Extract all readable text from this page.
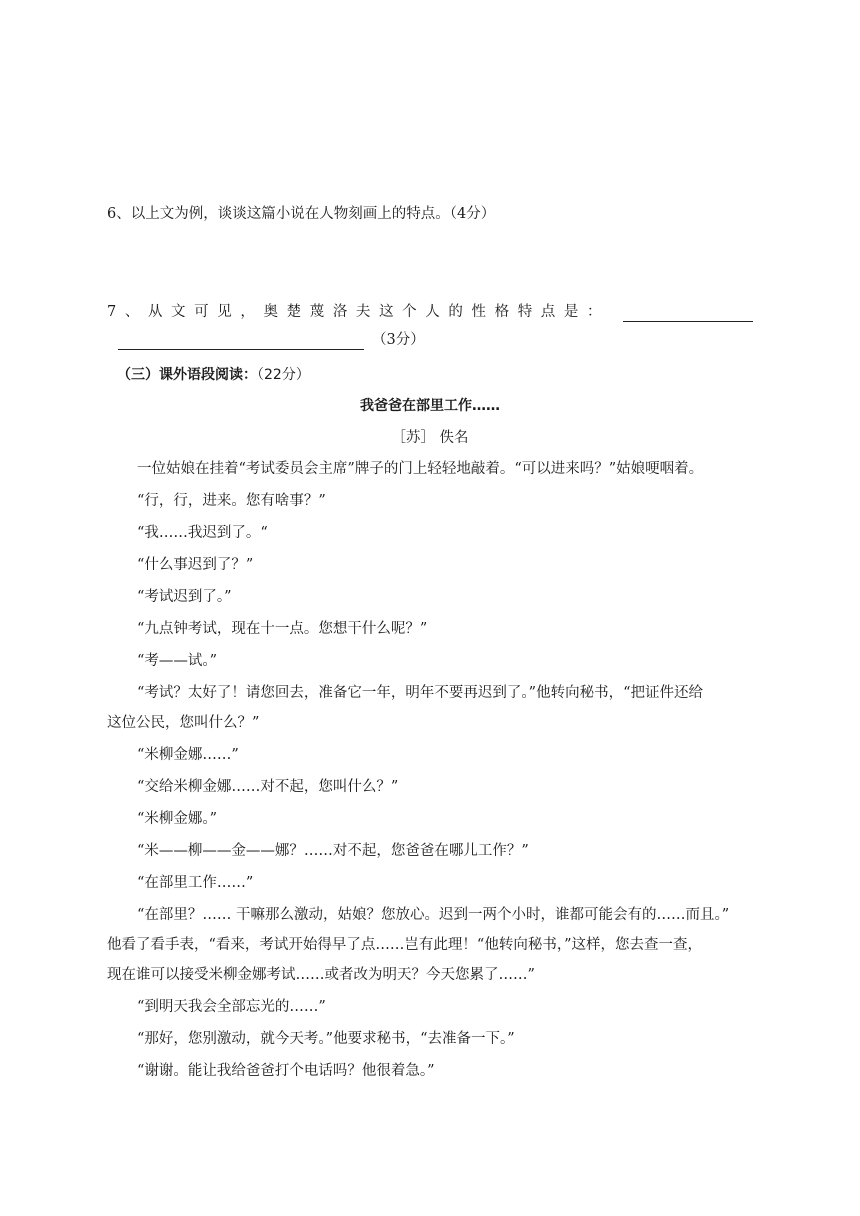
6、以上文为例，谈谈这篇小说在人物刻画上的特点。（4分）
7 、 从 文 可 见 ， 奥 楚 蔑 洛 夫 这 个 人 的 性 格 特 点 是 ：
（3分）
（三）课外语段阅读：（22分）
我爸爸在部里工作……
［苏］ 佚名
一位姑娘在挂着“考试委员会主席”牌子的门上轻轻地敲着。“可以进来吗？”姑娘哽咽着。
“行，行，进来。您有啥事？”
“我……我迟到了。“
“什么事迟到了？”
“考试迟到了。”
“九点钟考试，现在十一点。您想干什么呢？”
“考——试。”
“考试？太好了！请您回去，准备它一年，明年不要再迟到了。”他转向秘书，“把证件还给
这位公民，您叫什么？”
“米柳金娜……”
“交给米柳金娜……对不起，您叫什么？”
“米柳金娜。”
“米——柳——金——娜？……对不起，您爸爸在哪儿工作？”
“在部里工作……”
“在部里？…… 干嘛那么激动，姑娘？您放心。迟到一两个小时，谁都可能会有的……而且。”
他看了看手表，“看来，考试开始得早了点……岂有此理！“他转向秘书，”这样，您去查一查，
现在谁可以接受米柳金娜考试……或者改为明天？今天您累了……”
“到明天我会全部忘光的……”
“那好，您别激动，就今天考。”他要求秘书，“去准备一下。”
“谢谢。能让我给爸爸打个电话吗？他很着急。”
